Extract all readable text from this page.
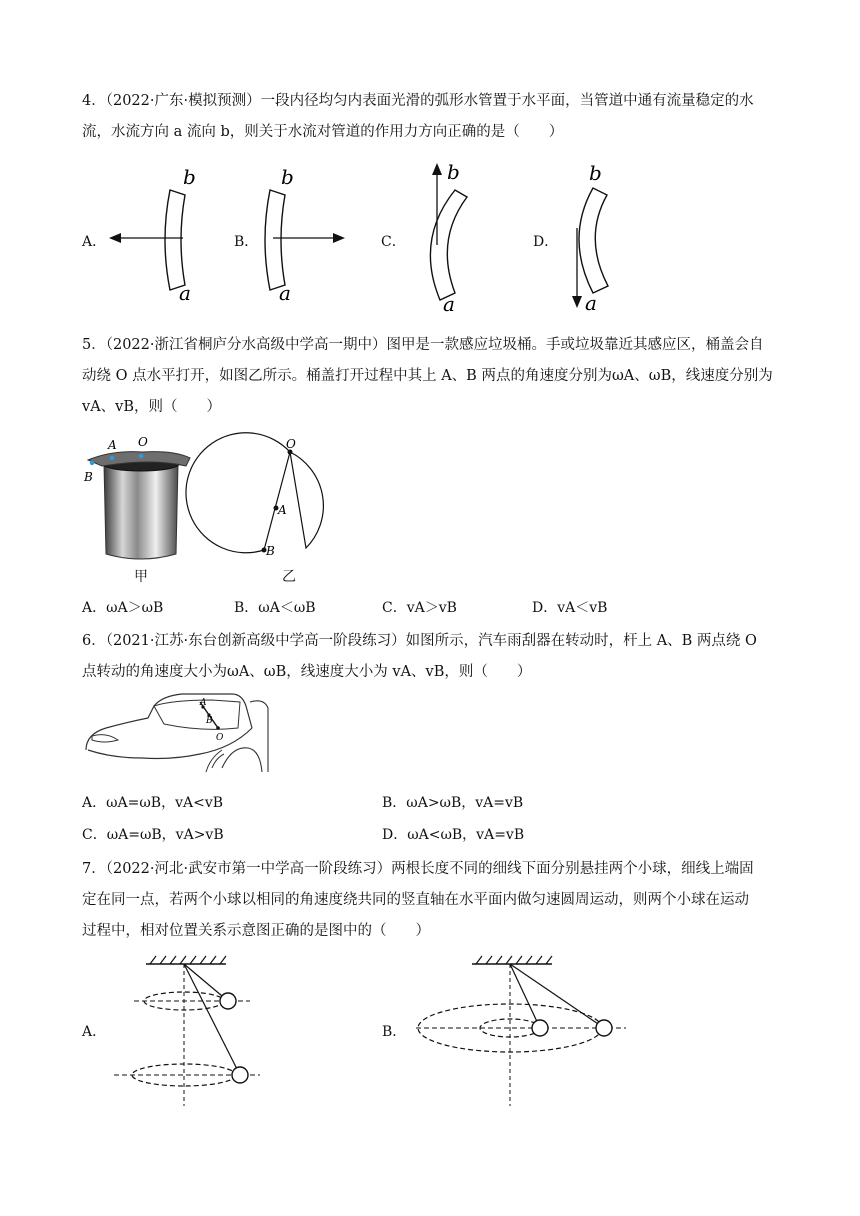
4．（2022·广东·模拟预测）一段内径均匀内表面光滑的弧形水管置于水平面，当管道中通有流量稳定的水
流，水流方向 a 流向 b，则关于水流对管道的作用力方向正确的是（　　）
A．	B．	C．	D．
b
a
b
a
b
a
b
a
5．（2022·浙江省桐庐分水高级中学高一期中）图甲是一款感应垃圾桶。手或垃圾靠近其感应区，桶盖会自
动绕 O 点水平打开，如图乙所示。桶盖打开过程中其上 A、B 两点的角速度分别为ωA、ωB，线速度分别为
vA、vB，则（　　）
A O
B
甲
O
A
B
乙
A．ωA＞ωB	B．ωA＜ωB	C．vA＞vB	D．vA＜vB
6．（2021·江苏·东台创新高级中学高一阶段练习）如图所示，汽车雨刮器在转动时，杆上 A、B 两点绕 O
点转动的角速度大小为ωA、ωB，线速度大小为 vA、vB，则（　　）
A
B
O
A．ωA=ωB，vA<vB	B．ωA>ωB，vA=vB
C．ωA=ωB，vA>vB	D．ωA<ωB，vA=vB
7．（2022·河北·武安市第一中学高一阶段练习）两根长度不同的细线下面分别悬挂两个小球，细线上端固
定在同一点，若两个小球以相同的角速度绕共同的竖直轴在水平面内做匀速圆周运动，则两个小球在运动
过程中，相对位置关系示意图正确的是图中的（　　）
A．	B．
